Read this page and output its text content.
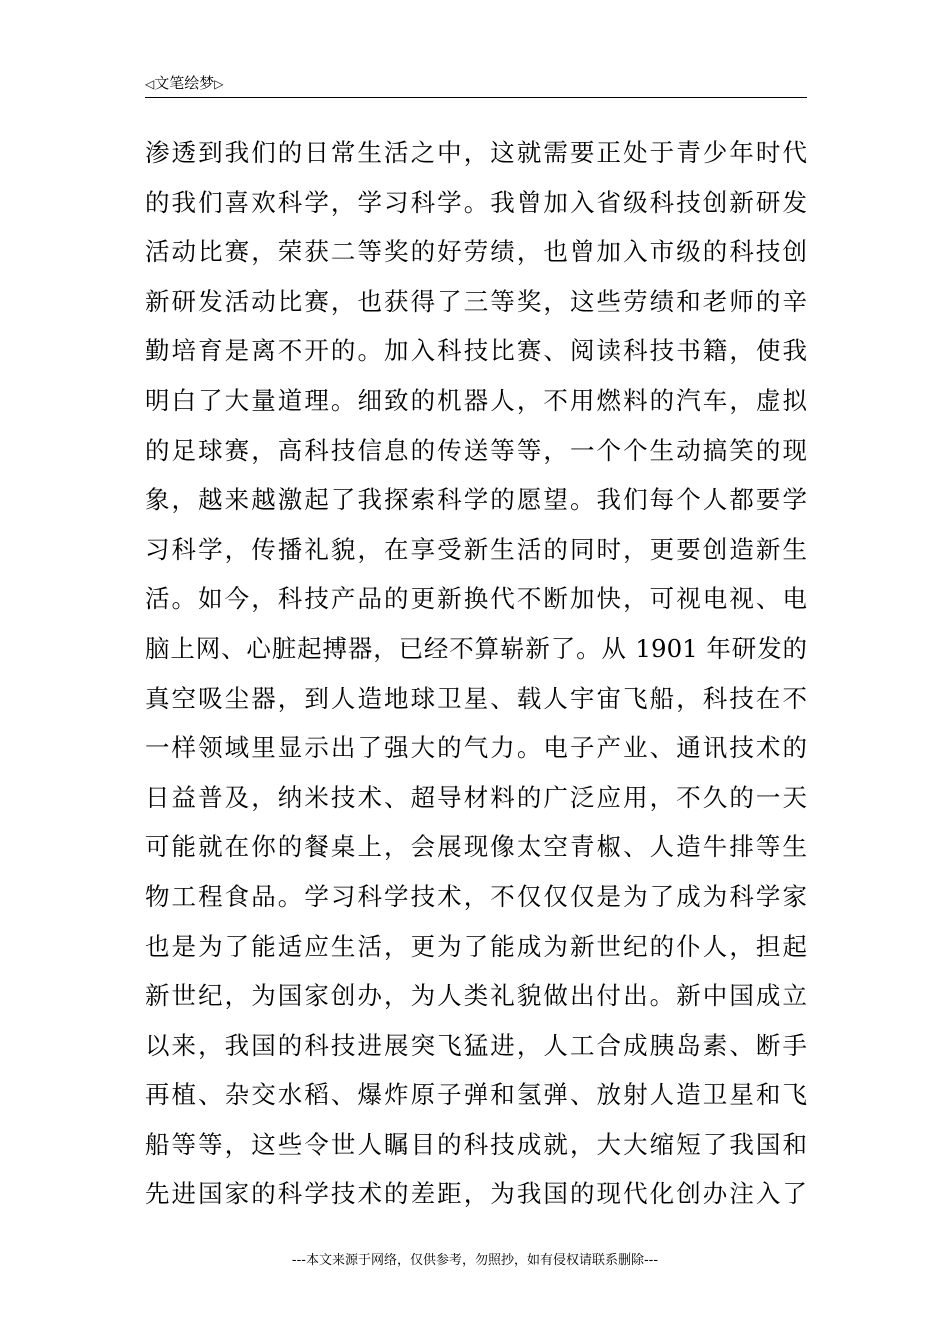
◁文笔绘梦▷
渗透到我们的日常生活之中，这就需要正处于青少年时代
的我们喜欢科学，学习科学。我曾加入省级科技创新研发
活动比赛，荣获二等奖的好劳绩，也曾加入市级的科技创
新研发活动比赛，也获得了三等奖，这些劳绩和老师的辛
勤培育是离不开的。加入科技比赛、阅读科技书籍，使我
明白了大量道理。细致的机器人，不用燃料的汽车，虚拟
的足球赛，高科技信息的传送等等，一个个生动搞笑的现
象，越来越激起了我探索科学的愿望。我们每个人都要学
习科学，传播礼貌，在享受新生活的同时，更要创造新生
活。如今，科技产品的更新换代不断加快，可视电视、电
脑上网、心脏起搏器，已经不算崭新了。从 1901 年研发的
真空吸尘器，到人造地球卫星、载人宇宙飞船，科技在不
一样领域里显示出了强大的气力。电子产业、通讯技术的
日益普及，纳米技术、超导材料的广泛应用，不久的一天
可能就在你的餐桌上，会展现像太空青椒、人造牛排等生
物工程食品。学习科学技术，不仅仅仅是为了成为科学家
也是为了能适应生活，更为了能成为新世纪的仆人，担起
新世纪，为国家创办，为人类礼貌做出付出。新中国成立
以来，我国的科技进展突飞猛进，人工合成胰岛素、断手
再植、杂交水稻、爆炸原子弹和氢弹、放射人造卫星和飞
船等等，这些令世人瞩目的科技成就，大大缩短了我国和
先进国家的科学技术的差距，为我国的现代化创办注入了
---本文来源于网络，仅供参考，勿照抄，如有侵权请联系删除---
